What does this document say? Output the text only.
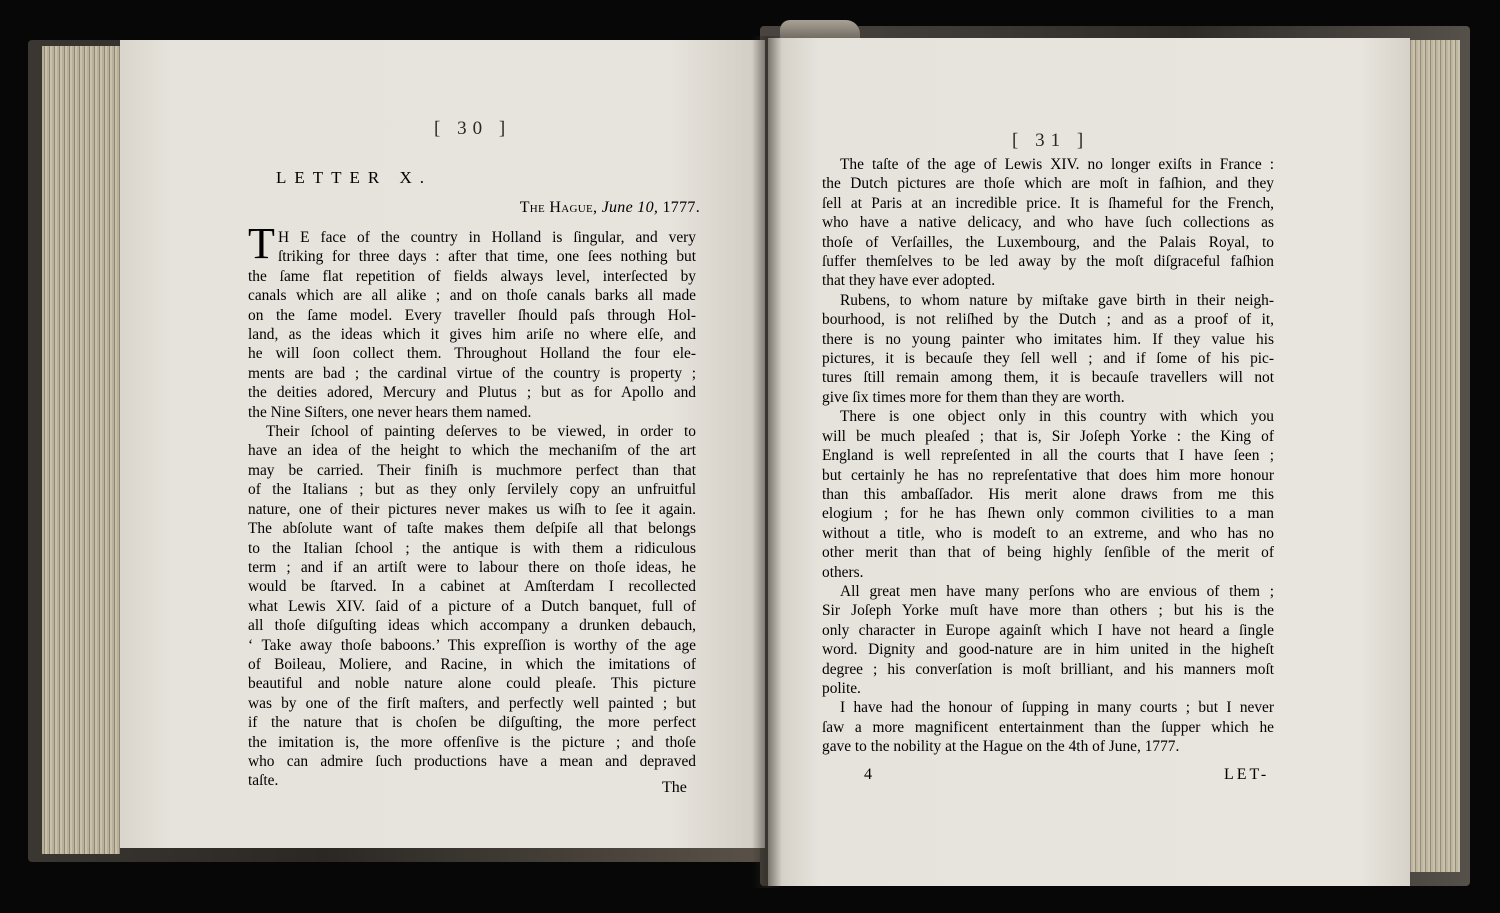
[ 30 ]
LETTER X.
The Hague, June 10, 1777.
T H E face of the country in Holland is ſingular, and very
ſtriking for three days : after that time, one ſees nothing but
the ſame flat repetition of fields always level, interſected by
canals which are all alike ; and on thoſe canals barks all made
on the ſame model. Every traveller ſhould paſs through Hol-
land, as the ideas which it gives him ariſe no where elſe, and
he will ſoon collect them. Throughout Holland the four ele-
ments are bad ; the cardinal virtue of the country is property ;
the deities adored, Mercury and Plutus ; but as for Apollo and
the Nine Siſters, one never hears them named.
Their ſchool of painting deſerves to be viewed, in order to
have an idea of the height to which the mechaniſm of the art
may be carried. Their finiſh is muchmore perfect than that
of the Italians ; but as they only ſervilely copy an unfruitful
nature, one of their pictures never makes us wiſh to ſee it again.
The abſolute want of taſte makes them deſpiſe all that belongs
to the Italian ſchool ; the antique is with them a ridiculous
term ; and if an artiſt were to labour there on thoſe ideas, he
would be ſtarved. In a cabinet at Amſterdam I recollected
what Lewis XIV. ſaid of a picture of a Dutch banquet, full of
all thoſe diſguſting ideas which accompany a drunken debauch,
‘ Take away thoſe baboons.’ This expreſſion is worthy of the age
of Boileau, Moliere, and Racine, in which the imitations of
beautiful and noble nature alone could pleaſe. This picture
was by one of the firſt maſters, and perfectly well painted ; but
if the nature that is choſen be diſguſting, the more perfect
the imitation is, the more offenſive is the picture ; and thoſe
who can admire ſuch productions have a mean and depraved
taſte.	The
[ 31 ]
The taſte of the age of Lewis XIV. no longer exiſts in France :
the Dutch pictures are thoſe which are moſt in faſhion, and they
ſell at Paris at an incredible price. It is ſhameful for the French,
who have a native delicacy, and who have ſuch collections as
thoſe of Verſailles, the Luxembourg, and the Palais Royal, to
ſuffer themſelves to be led away by the moſt diſgraceful faſhion
that they have ever adopted.
Rubens, to whom nature by miſtake gave birth in their neigh-
bourhood, is not reliſhed by the Dutch ; and as a proof of it,
there is no young painter who imitates him. If they value his
pictures, it is becauſe they ſell well ; and if ſome of his pic-
tures ſtill remain among them, it is becauſe travellers will not
give ſix times more for them than they are worth.
There is one object only in this country with which you
will be much pleaſed ; that is, Sir Joſeph Yorke : the King of
England is well repreſented in all the courts that I have ſeen ;
but certainly he has no repreſentative that does him more honour
than this ambaſſador. His merit alone draws from me this
elogium ; for he has ſhewn only common civilities to a man
without a title, who is modeſt to an extreme, and who has no
other merit than that of being highly ſenſible of the merit of
others.
All great men have many perſons who are envious of them ;
Sir Joſeph Yorke muſt have more than others ; but his is the
only character in Europe againſt which I have not heard a ſingle
word. Dignity and good-nature are in him united in the higheſt
degree ; his converſation is moſt brilliant, and his manners moſt
polite.
I have had the honour of ſupping in many courts ; but I never
ſaw a more magnificent entertainment than the ſupper which he
gave to the nobility at the Hague on the 4th of June, 1777.
4	LET-
